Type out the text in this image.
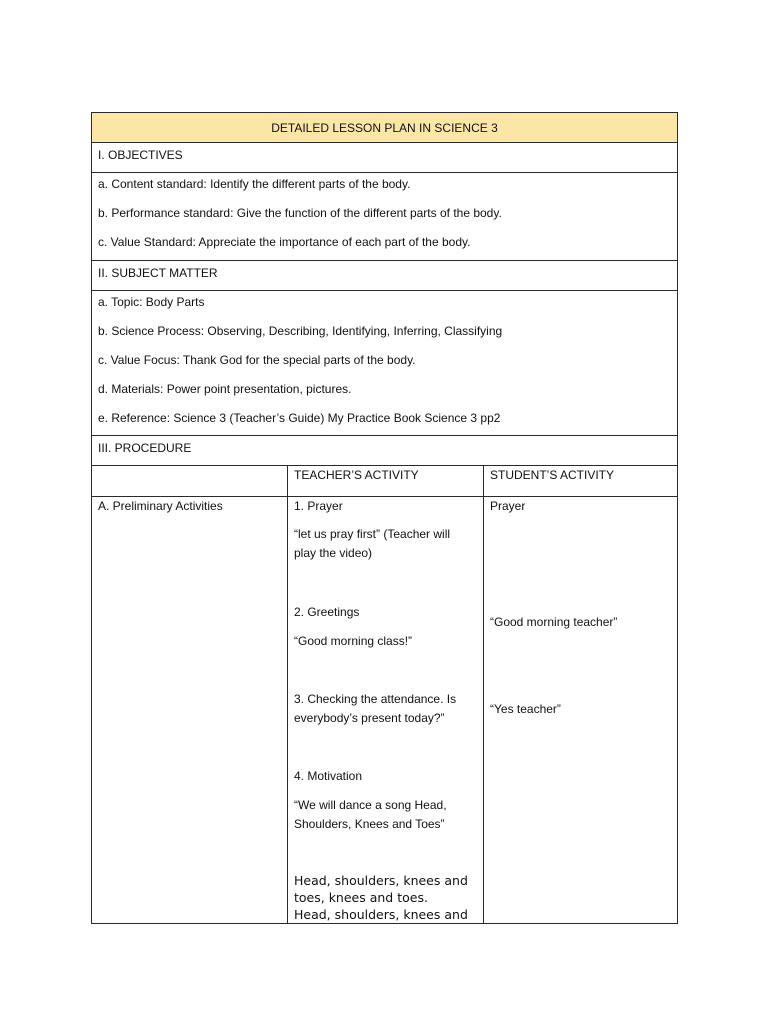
DETAILED LESSON PLAN IN SCIENCE 3
I. OBJECTIVES

a. Content standard: Identify the different parts of the body.

b. Performance standard: Give the function of the different parts of the body.

c. Value Standard: Appreciate the importance of each part of the body.

II. SUBJECT MATTER

a. Topic: Body Parts

b. Science Process: Observing, Describing, Identifying, Inferring, Classifying

c. Value Focus: Thank God for the special parts of the body.

d. Materials: Power point presentation, pictures.

e. Reference: Science 3 (Teacher’s Guide) My Practice Book Science 3 pp2

III. PROCEDURE
TEACHER’S ACTIVITY	STUDENT’S ACTIVITY
A. Preliminary Activities	1. Prayer
“let us pray first” (Teacher will play the video)
2. Greetings
“Good morning class!”
3. Checking the attendance. Is everybody’s present today?”
4. Motivation
“We will dance a song Head, Shoulders, Knees and Toes”
Head, shoulders, knees and toes, knees and toes.
Head, shoulders, knees and
Prayer
“Good morning teacher”
“Yes teacher”
